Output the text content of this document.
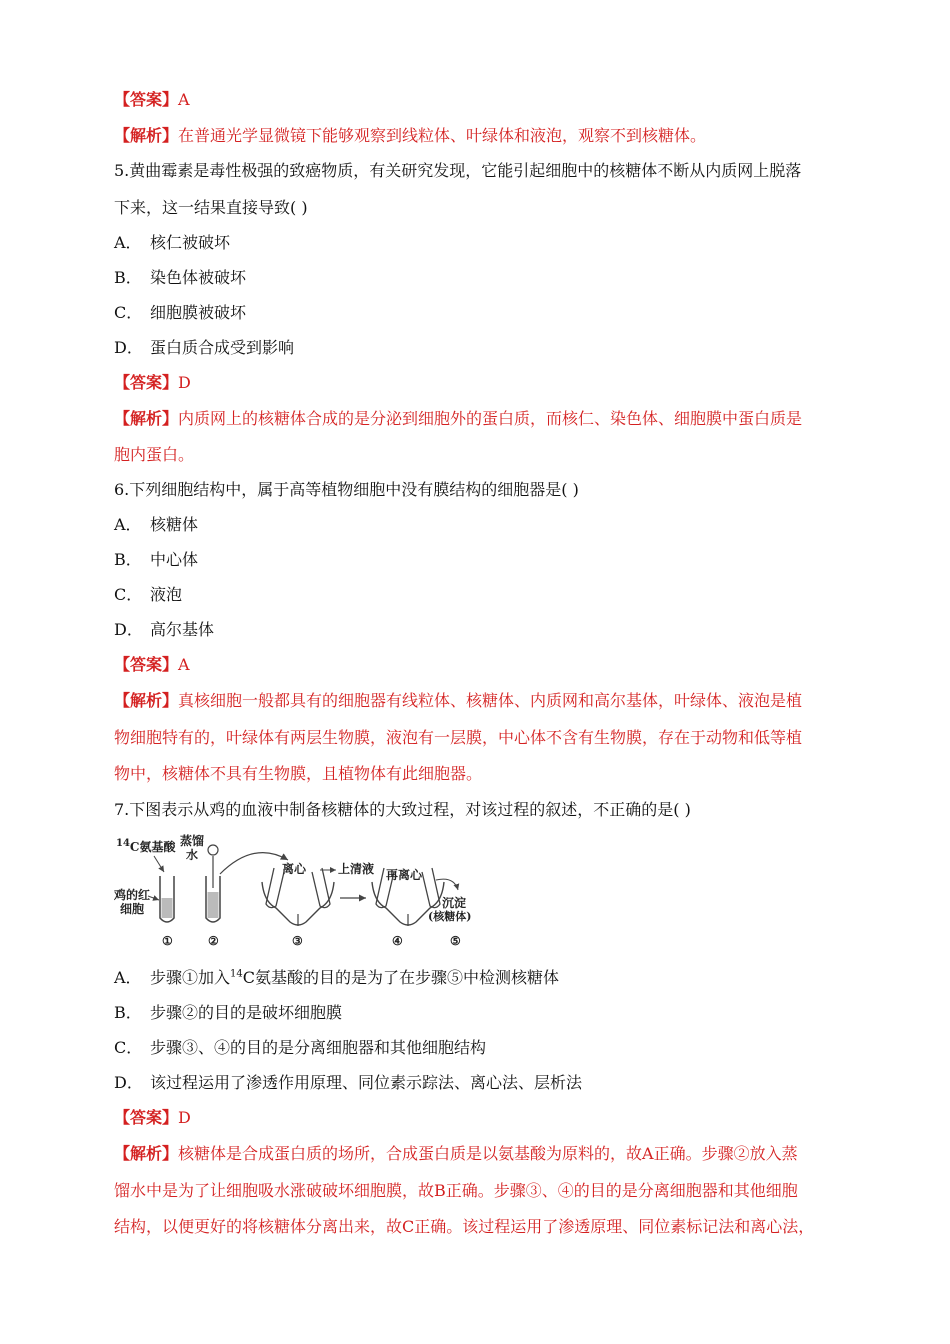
【答案】A
【解析】在普通光学显微镜下能够观察到线粒体、叶绿体和液泡，观察不到核糖体。
5.黄曲霉素是毒性极强的致癌物质，有关研究发现，它能引起细胞中的核糖体不断从内质网上脱落
下来，这一结果直接导致( )
A． 核仁被破坏
B． 染色体被破坏
C． 细胞膜被破坏
D． 蛋白质合成受到影响
【答案】D
【解析】内质网上的核糖体合成的是分泌到细胞外的蛋白质，而核仁、染色体、细胞膜中蛋白质是
胞内蛋白。
6.下列细胞结构中，属于高等植物细胞中没有膜结构的细胞器是( )
A． 核糖体
B． 中心体
C． 液泡
D． 高尔基体
【答案】A
【解析】真核细胞一般都具有的细胞器有线粒体、核糖体、内质网和高尔基体，叶绿体、液泡是植
物细胞特有的，叶绿体有两层生物膜，液泡有一层膜，中心体不含有生物膜，存在于动物和低等植
物中，核糖体不具有生物膜，且植物体有此细胞器。
7.下图表示从鸡的血液中制备核糖体的大致过程，对该过程的叙述，不正确的是( )
$^{14}$C氨基酸 蒸馏
水
鸡的红
细胞
离心	上清液 再离心
沉淀
(核糖体)
①	②	③	④	⑤
A． 步骤①加入$^{14}$C氨基酸的目的是为了在步骤⑤中检测核糖体
B． 步骤②的目的是破坏细胞膜
C． 步骤③、④的目的是分离细胞器和其他细胞结构
D． 该过程运用了渗透作用原理、同位素示踪法、离心法、层析法
【答案】D
【解析】核糖体是合成蛋白质的场所，合成蛋白质是以氨基酸为原料的，故A正确。步骤②放入蒸
馏水中是为了让细胞吸水涨破破坏细胞膜，故B正确。步骤③、④的目的是分离细胞器和其他细胞
结构，以便更好的将核糖体分离出来，故C正确。该过程运用了渗透原理、同位素标记法和离心法，
